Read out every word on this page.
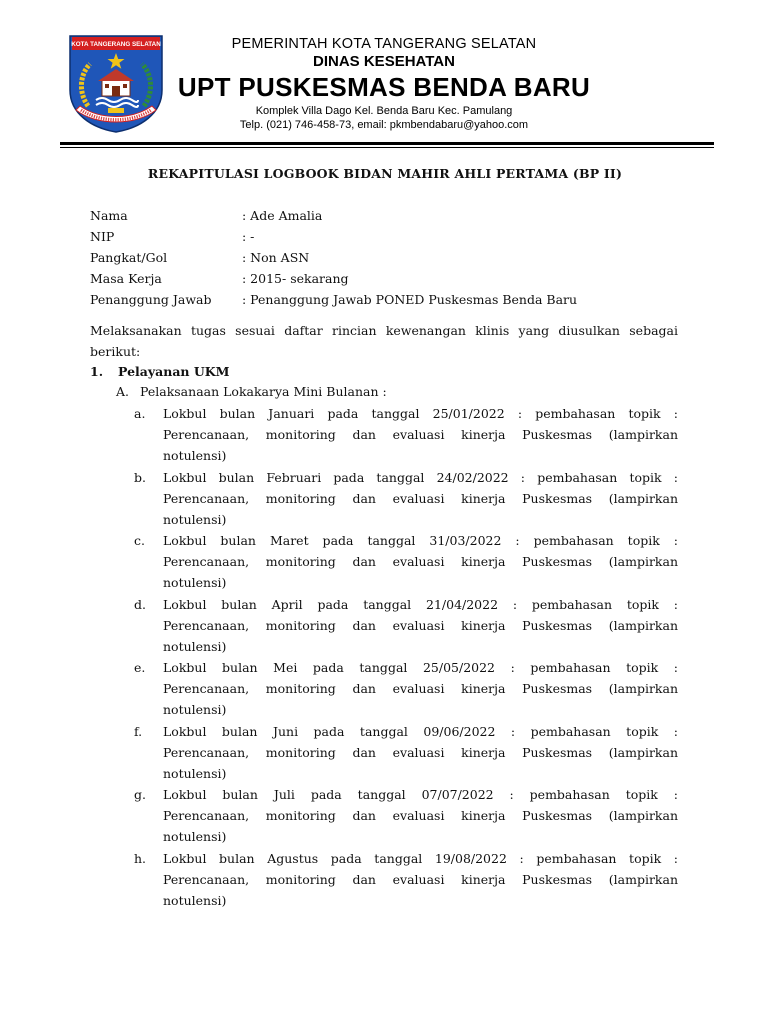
KOTA TANGERANG SELATAN	PEMERINTAH KOTA TANGERANG SELATAN
DINAS KESEHATAN
UPT PUSKESMAS BENDA BARU
Komplek Villa Dago Kel. Benda Baru Kec. Pamulang
Telp. (021) 746-458-73, email: pkmbendabaru@yahoo.com
REKAPITULASI LOGBOOK BIDAN MAHIR AHLI PERTAMA (BP II)
Nama	: Ade Amalia
NIP	: -
Pangkat/Gol	: Non ASN
Masa Kerja	: 2015- sekarang
Penanggung Jawab : Penanggung Jawab PONED Puskesmas Benda Baru
Melaksanakan tugas sesuai daftar rincian kewenangan klinis yang diusulkan sebagai berikut:
1. Pelayanan UKM
A. Pelaksanaan Lokakarya Mini Bulanan :
a. Lokbul bulan Januari pada tanggal 25/01/2022 : pembahasan topik :
Perencanaan, monitoring dan evaluasi kinerja Puskesmas (lampirkan
notulensi)
b. Lokbul bulan Februari pada tanggal 24/02/2022 : pembahasan topik :
Perencanaan, monitoring dan evaluasi kinerja Puskesmas (lampirkan
notulensi)
c. Lokbul bulan Maret pada tanggal 31/03/2022 : pembahasan topik :
Perencanaan, monitoring dan evaluasi kinerja Puskesmas (lampirkan
notulensi)
d. Lokbul bulan April pada tanggal 21/04/2022 : pembahasan topik :
Perencanaan, monitoring dan evaluasi kinerja Puskesmas (lampirkan
notulensi)
e. Lokbul bulan Mei pada tanggal 25/05/2022 : pembahasan topik :
Perencanaan, monitoring dan evaluasi kinerja Puskesmas (lampirkan
notulensi)
f. Lokbul bulan Juni pada tanggal 09/06/2022 : pembahasan topik :
Perencanaan, monitoring dan evaluasi kinerja Puskesmas (lampirkan
notulensi)
g. Lokbul bulan Juli pada tanggal 07/07/2022 : pembahasan topik :
Perencanaan, monitoring dan evaluasi kinerja Puskesmas (lampirkan
notulensi)
h. Lokbul bulan Agustus pada tanggal 19/08/2022 : pembahasan topik :
Perencanaan, monitoring dan evaluasi kinerja Puskesmas (lampirkan
notulensi)
